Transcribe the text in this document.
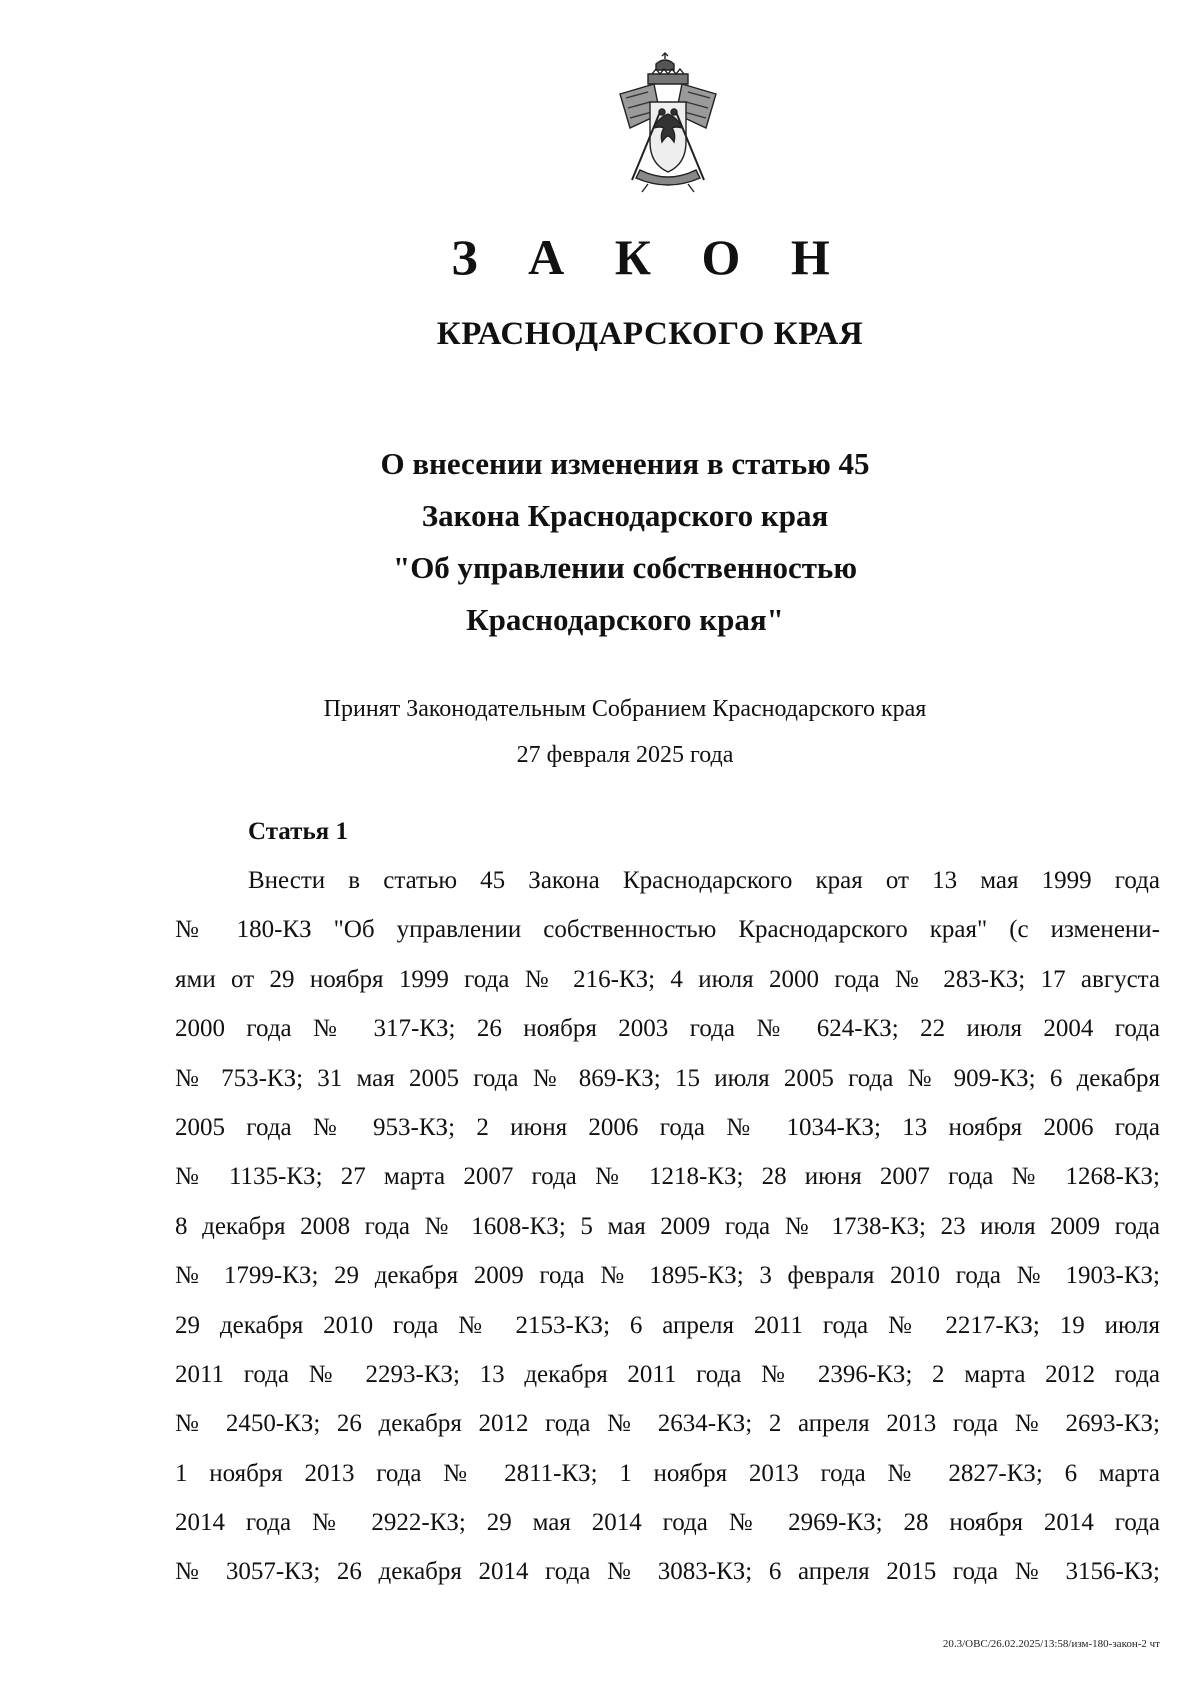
З А К О Н
КРАСНОДАРСКОГО КРАЯ
О внесении изменения в статью 45
Закона Краснодарского края
"Об управлении собственностью
Краснодарского края"
Принят Законодательным Собранием Краснодарского края
27 февраля 2025 года
Статья 1
Внести в статью 45 Закона Краснодарского края от 13 мая 1999 года
№ 180-КЗ "Об управлении собственностью Краснодарского края" (с изменени-
ями от 29 ноября 1999 года № 216-КЗ; 4 июля 2000 года № 283-КЗ; 17 августа
2000 года № 317-КЗ; 26 ноября 2003 года № 624-КЗ; 22 июля 2004 года
№ 753-КЗ; 31 мая 2005 года № 869-КЗ; 15 июля 2005 года № 909-КЗ; 6 декабря
2005 года № 953-КЗ; 2 июня 2006 года № 1034-КЗ; 13 ноября 2006 года
№ 1135-КЗ; 27 марта 2007 года № 1218-КЗ; 28 июня 2007 года № 1268-КЗ;
8 декабря 2008 года № 1608-КЗ; 5 мая 2009 года № 1738-КЗ; 23 июля 2009 года
№ 1799-КЗ; 29 декабря 2009 года № 1895-КЗ; 3 февраля 2010 года № 1903-КЗ;
29 декабря 2010 года № 2153-КЗ; 6 апреля 2011 года № 2217-КЗ; 19 июля
2011 года № 2293-КЗ; 13 декабря 2011 года № 2396-КЗ; 2 марта 2012 года
№ 2450-КЗ; 26 декабря 2012 года № 2634-КЗ; 2 апреля 2013 года № 2693-КЗ;
1 ноября 2013 года № 2811-КЗ; 1 ноября 2013 года № 2827-КЗ; 6 марта
2014 года № 2922-КЗ; 29 мая 2014 года № 2969-КЗ; 28 ноября 2014 года
№ 3057-КЗ; 26 декабря 2014 года № 3083-КЗ; 6 апреля 2015 года № 3156-КЗ;
20.3/ОВС/26.02.2025/13:58/изм-180-закон-2 чт
